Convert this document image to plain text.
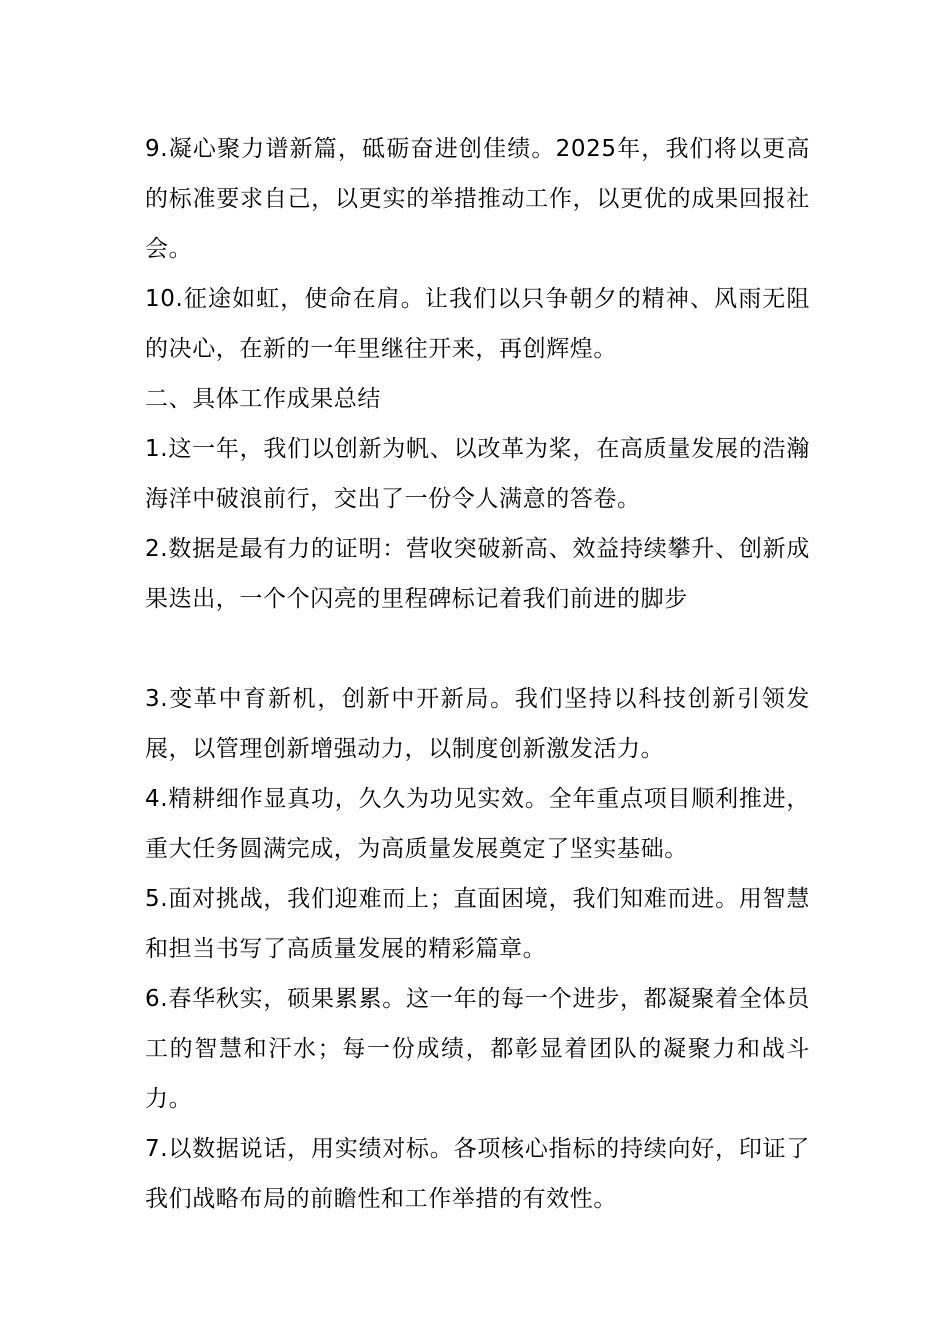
9.凝心聚力谱新篇，砥砺奋进创佳绩。2025年，我们将以更高的标准要求自己，以更实的举措推动工作，以更优的成果回报社会。

10.征途如虹，使命在肩。让我们以只争朝夕的精神、风雨无阻的决心，在新的一年里继往开来，再创辉煌。

二、具体工作成果总结

1.这一年，我们以创新为帆、以改革为桨，在高质量发展的浩瀚海洋中破浪前行，交出了一份令人满意的答卷。

2.数据是最有力的证明：营收突破新高、效益持续攀升、创新成果迭出，一个个闪亮的里程碑标记着我们前进的脚步

3.变革中育新机，创新中开新局。我们坚持以科技创新引领发展，以管理创新增强动力，以制度创新激发活力。

4.精耕细作显真功，久久为功见实效。全年重点项目顺利推进，重大任务圆满完成，为高质量发展奠定了坚实基础。

5.面对挑战，我们迎难而上；直面困境，我们知难而进。用智慧和担当书写了高质量发展的精彩篇章。

6.春华秋实，硕果累累。这一年的每一个进步，都凝聚着全体员工的智慧和汗水；每一份成绩，都彰显着团队的凝聚力和战斗力。

7.以数据说话，用实绩对标。各项核心指标的持续向好，印证了我们战略布局的前瞻性和工作举措的有效性。
